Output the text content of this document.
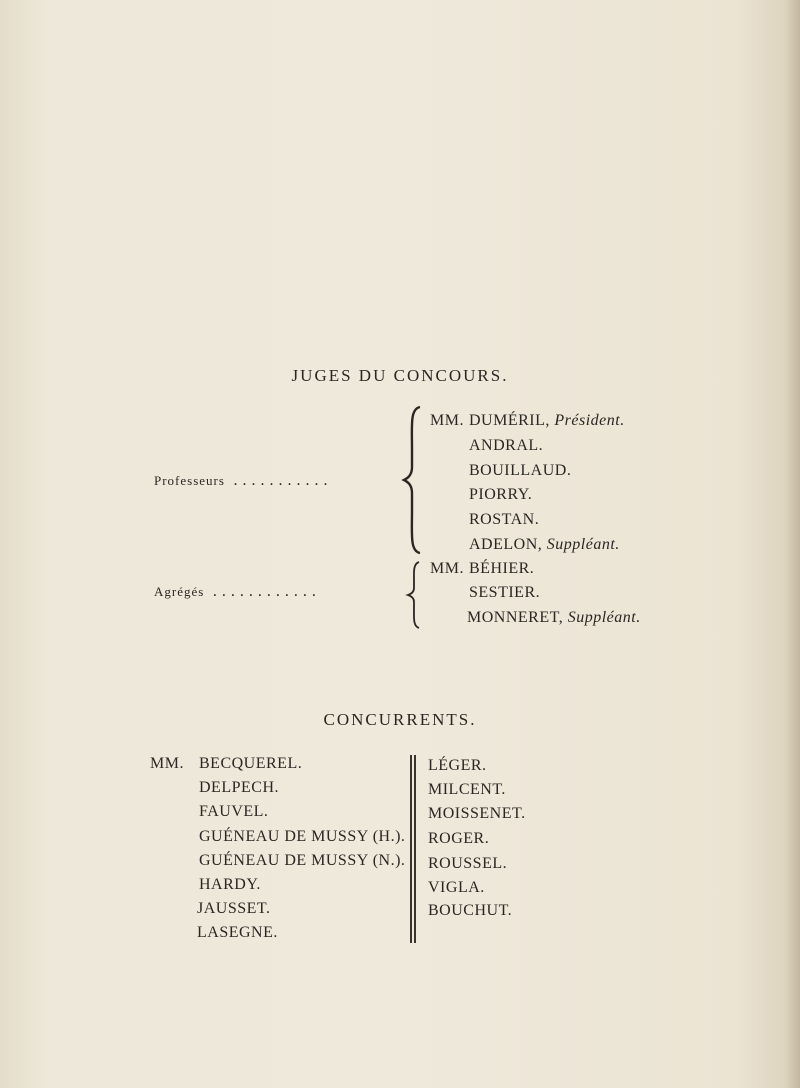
JUGES DU CONCOURS.
Professeurs . . . . . . . . . . .
MM. DUMÉRIL, Président.
ANDRAL.
BOUILLAUD.
PIORRY.
ROSTAN.
ADELON, Suppléant.
Agrégés . . . . . . . . . . . .
MM. BÉHIER.
SESTIER.
MONNERET, Suppléant.
CONCURRENTS.
MM. BECQUEREL.
DELPECH.
FAUVEL.
GUÉNEAU DE MUSSY (H.).
GUÉNEAU DE MUSSY (N.).
HARDY.
JAUSSET.
LASEGNE.
LÉGER.
MILCENT.
MOISSENET.
ROGER.
ROUSSEL.
VIGLA.
BOUCHUT.
